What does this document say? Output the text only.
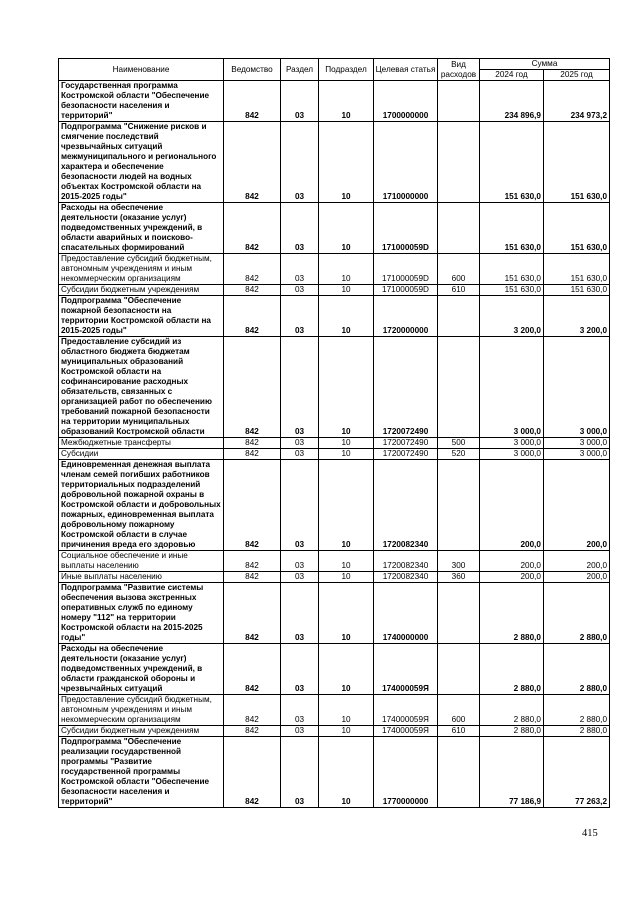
Наименование	Ведомство	Раздел	Подраздел	Целевая статья	Вид расходов	Сумма	
						2024 год	2025 год
Государственная программа Костромской области "Обеспечение безопасности населения и территорий"	842	03	10	1700000000		234 896,9	234 973,2
Подпрограмма "Снижение рисков и смягчение последствий чрезвычайных ситуаций межмуниципального и регионального характера и обеспечение безопасности людей на водных объектах Костромской области на 2015-2025 годы"	842	03	10	1710000000		151 630,0	151 630,0
Расходы на обеспечение деятельности (оказание услуг) подведомственных учреждений, в области аварийных и поисково-спасательных формирований	842	03	10	171000059D		151 630,0	151 630,0
Предоставление субсидий бюджетным, автономным учреждениям и иным некоммерческим организациям	842	03	10	171000059D	600	151 630,0	151 630,0
Субсидии бюджетным учреждениям	842	03	10	171000059D	610	151 630,0	151 630,0
Подпрограмма "Обеспечение пожарной безопасности на территории Костромской области на 2015-2025 годы"	842	03	10	1720000000		3 200,0	3 200,0
Предоставление субсидий из областного бюджета бюджетам муниципальных образований Костромской области на софинансирование расходных обязательств, связанных с организацией работ по обеспечению требований пожарной безопасности на территории муниципальных образований Костромской области	842	03	10	1720072490		3 000,0	3 000,0
Межбюджетные трансферты	842	03	10	1720072490	500	3 000,0	3 000,0
Субсидии	842	03	10	1720072490	520	3 000,0	3 000,0
Единовременная денежная выплата членам семей погибших работников территориальных подразделений добровольной пожарной охраны в Костромской области и добровольных пожарных, единовременная выплата добровольному пожарному Костромской области в случае причинения вреда его здоровью	842	03	10	1720082340		200,0	200,0
Социальное обеспечение и иные выплаты населению	842	03	10	1720082340	300	200,0	200,0
Иные выплаты населению	842	03	10	1720082340	360	200,0	200,0
Подпрограмма "Развитие системы обеспечения вызова экстренных оперативных служб по единому номеру "112" на территории Костромской области на 2015-2025 годы"	842	03	10	1740000000		2 880,0	2 880,0
Расходы на обеспечение деятельности (оказание услуг) подведомственных учреждений, в области гражданской обороны и чрезвычайных ситуаций	842	03	10	174000059Я		2 880,0	2 880,0
Предоставление субсидий бюджетным, автономным учреждениям и иным некоммерческим организациям	842	03	10	174000059Я	600	2 880,0	2 880,0
Субсидии бюджетным учреждениям	842	03	10	174000059Я	610	2 880,0	2 880,0
Подпрограмма "Обеспечение реализации государственной программы "Развитие государственной программы Костромской области "Обеспечение безопасности населения и территорий"	842	03	10	1770000000		77 186,9	77 263,2
415
